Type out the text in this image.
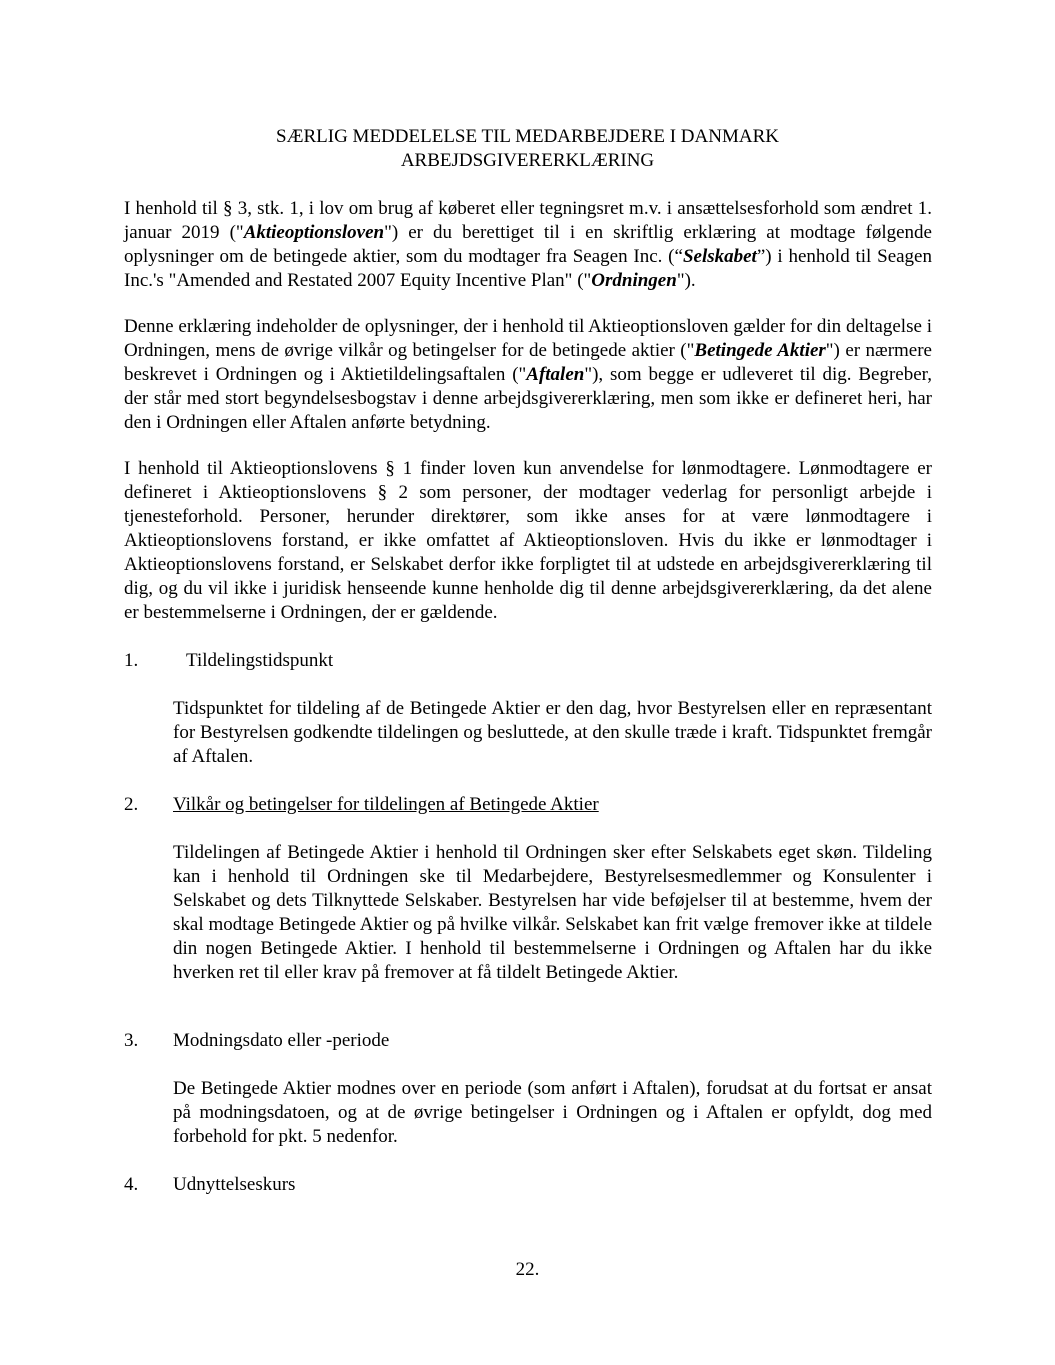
SÆRLIG MEDDELELSE TIL MEDARBEJDERE I DANMARK
ARBEJDSGIVERERKLÆRING
I henhold til § 3, stk. 1, i lov om brug af køberet eller tegningsret m.v. i ansættelsesforhold som ændret 1. januar 2019 ("Aktieoptionsloven") er du berettiget til i en skriftlig erklæring at modtage følgende oplysninger om de betingede aktier, som du modtager fra Seagen Inc. (“Selskabet”) i henhold til Seagen Inc.'s "Amended and Restated 2007 Equity Incentive Plan" ("Ordningen").
Denne erklæring indeholder de oplysninger, der i henhold til Aktieoptionsloven gælder for din deltagelse i Ordningen, mens de øvrige vilkår og betingelser for de betingede aktier ("Betingede Aktier") er nærmere beskrevet i Ordningen og i Aktietildelingsaftalen ("Aftalen"), som begge er udleveret til dig. Begreber, der står med stort begyndelsesbogstav i denne arbejdsgivererklæring, men som ikke er defineret heri, har den i Ordningen eller Aftalen anførte betydning.
I henhold til Aktieoptionslovens § 1 finder loven kun anvendelse for lønmodtagere. Lønmodtagere er defineret i Aktieoptionslovens § 2 som personer, der modtager vederlag for personligt arbejde i tjenesteforhold. Personer, herunder direktører, som ikke anses for at være lønmodtagere i Aktieoptionslovens forstand, er ikke omfattet af Aktieoptionsloven. Hvis du ikke er lønmodtager i Aktieoptionslovens forstand, er Selskabet derfor ikke forpligtet til at udstede en arbejdsgivererklæring til dig, og du vil ikke i juridisk henseende kunne henholde dig til denne arbejdsgivererklæring, da det alene er bestemmelserne i Ordningen, der er gældende.
1.	Tildelingstidspunkt
Tidspunktet for tildeling af de Betingede Aktier er den dag, hvor Bestyrelsen eller en repræsentant for Bestyrelsen godkendte tildelingen og besluttede, at den skulle træde i kraft. Tidspunktet fremgår af Aftalen.
2. Vilkår og betingelser for tildelingen af Betingede Aktier
Tildelingen af Betingede Aktier i henhold til Ordningen sker efter Selskabets eget skøn. Tildeling kan i henhold til Ordningen ske til Medarbejdere, Bestyrelsesmedlemmer og Konsulenter i Selskabet og dets Tilknyttede Selskaber. Bestyrelsen har vide beføjelser til at bestemme, hvem der skal modtage Betingede Aktier og på hvilke vilkår. Selskabet kan frit vælge fremover ikke at tildele din nogen Betingede Aktier. I henhold til bestemmelserne i Ordningen og Aftalen har du ikke hverken ret til eller krav på fremover at få tildelt Betingede Aktier.
3. Modningsdato eller -periode
De Betingede Aktier modnes over en periode (som anført i Aftalen), forudsat at du fortsat er ansat på modningsdatoen, og at de øvrige betingelser i Ordningen og i Aftalen er opfyldt, dog med forbehold for pkt. 5 nedenfor.
4. Udnyttelseskurs
22.
